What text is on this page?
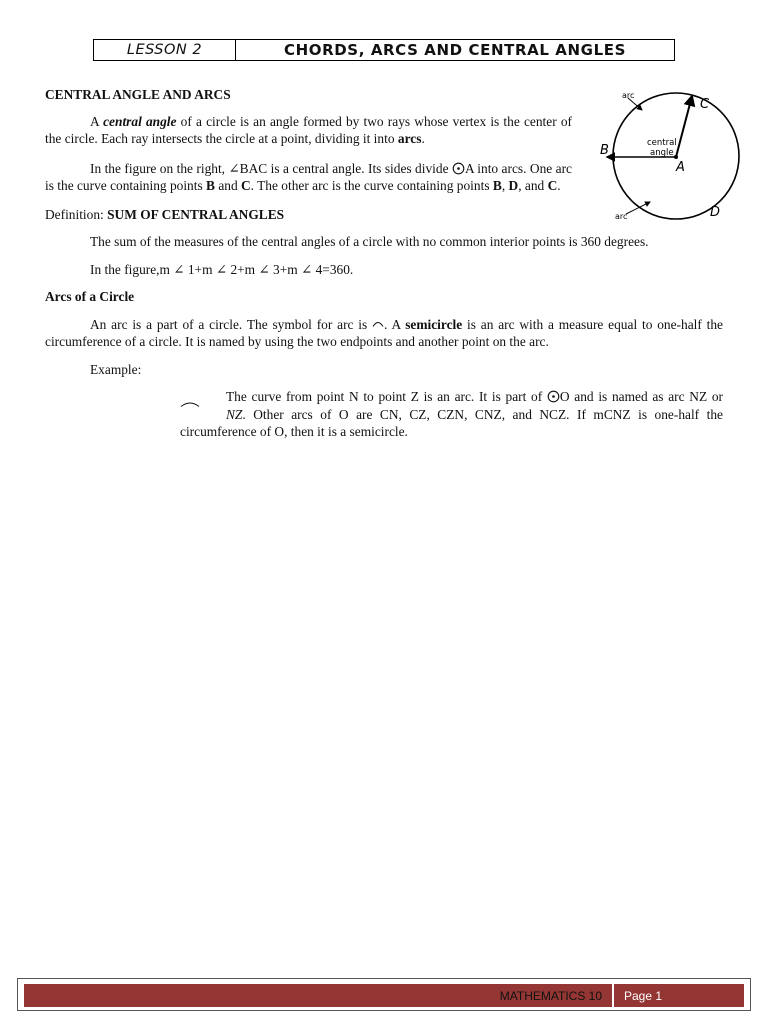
LESSON 2	CHORDS, ARCS AND CENTRAL ANGLES
arc
arc
C
B
A
D
central
angle

CENTRAL ANGLE AND ARCS

A central angle of a circle is an angle formed by two rays whose vertex is the center of the circle. Each ray intersects the circle at a point, dividing it into arcs.

In the figure on the right, ∠BAC is a central angle. Its sides divide A into arcs. One arc is the curve containing points B and C. The other arc is the curve containing points B, D, and C.

Definition: SUM OF CENTRAL ANGLES

The sum of the measures of the central angles of a circle with no common interior points is 360 degrees.

In the figure,m ∠ 1+m ∠ 2+m ∠ 3+m ∠ 4=360.

Arcs of a Circle

An arc is a part of a circle. The symbol for arc is . A semicircle is an arc with a measure equal to one-half the circumference of a circle. It is named by using the two endpoints and another point on the arc.

Example:

The curve from point N to point Z is an arc. It is part of O and is named as arc NZ or
NZ. Other arcs of O are CN, CZ, CZN, CNZ, and NCZ. If mCNZ is one-half the circumference of O, then it is a semicircle.

MATHEMATICS 10	Page 1
